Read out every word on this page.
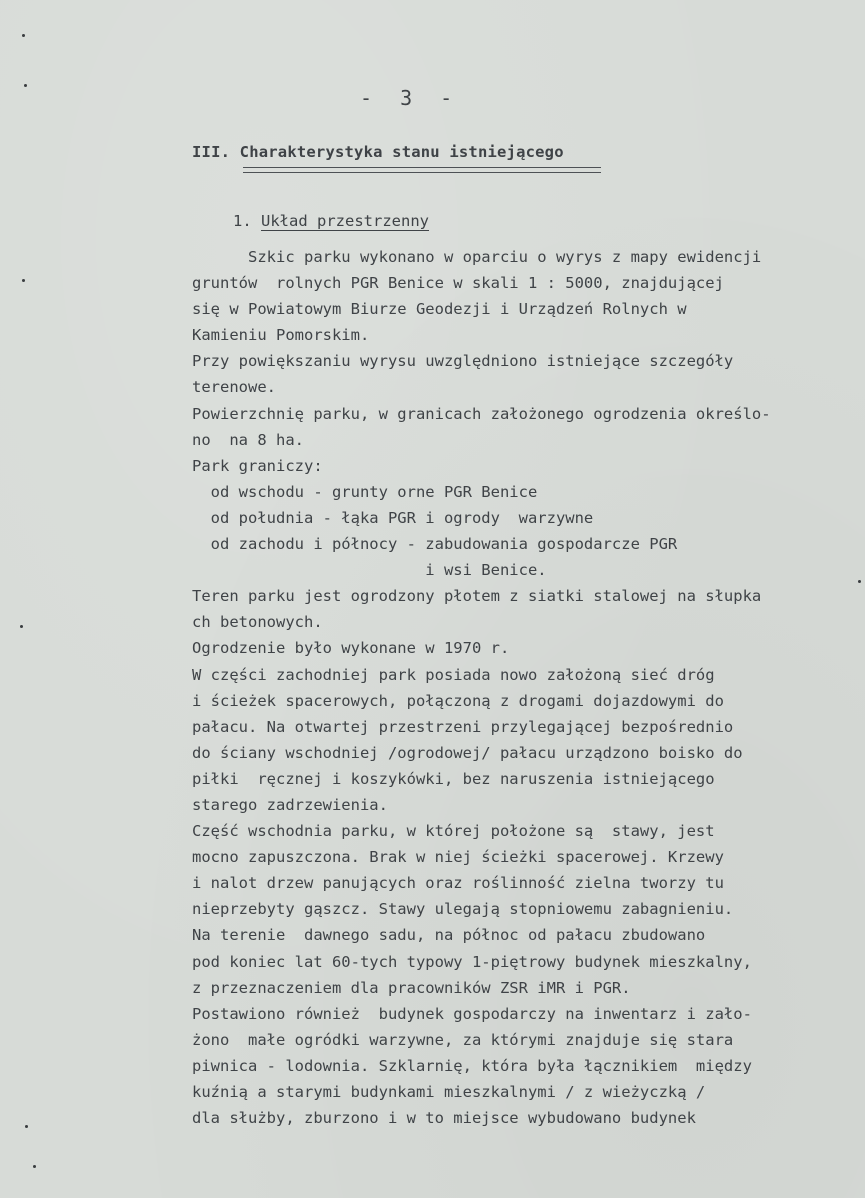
- 3 -
III. Charakterystyka stanu istniejącego
1. Układ przestrzenny
Szkic parku wykonano w oparciu o wyrys z mapy ewidencji
gruntów  rolnych PGR Benice w skali 1 : 5000, znajdującej
się w Powiatowym Biurze Geodezji i Urządzeń Rolnych w
Kamieniu Pomorskim.
Przy powiększaniu wyrysu uwzględniono istniejące szczegóły
terenowe.
Powierzchnię parku, w granicach założonego ogrodzenia określo-
no  na 8 ha.
Park graniczy:
od wschodu - grunty orne PGR Benice
od południa - łąka PGR i ogrody  warzywne
od zachodu i północy - zabudowania gospodarcze PGR
i wsi Benice.
Teren parku jest ogrodzony płotem z siatki stalowej na słupka
ch betonowych.
Ogrodzenie było wykonane w 1970 r.
W części zachodniej park posiada nowo założoną sieć dróg
i ścieżek spacerowych, połączoną z drogami dojazdowymi do
pałacu. Na otwartej przestrzeni przylegającej bezpośrednio
do ściany wschodniej /ogrodowej/ pałacu urządzono boisko do
piłki  ręcznej i koszykówki, bez naruszenia istniejącego
starego zadrzewienia.
Część wschodnia parku, w której położone są  stawy, jest
mocno zapuszczona. Brak w niej ścieżki spacerowej. Krzewy
i nalot drzew panujących oraz roślinność zielna tworzy tu
nieprzebyty gąszcz. Stawy ulegają stopniowemu zabagnieniu.
Na terenie  dawnego sadu, na północ od pałacu zbudowano
pod koniec lat 60-tych typowy 1-piętrowy budynek mieszkalny,
z przeznaczeniem dla pracowników ZSR iMR i PGR.
Postawiono również  budynek gospodarczy na inwentarz i zało-
żono  małe ogródki warzywne, za którymi znajduje się stara
piwnica - lodownia. Szklarnię, która była łącznikiem  między
kuźnią a starymi budynkami mieszkalnymi / z wieżyczką /
dla służby, zburzono i w to miejsce wybudowano budynek
